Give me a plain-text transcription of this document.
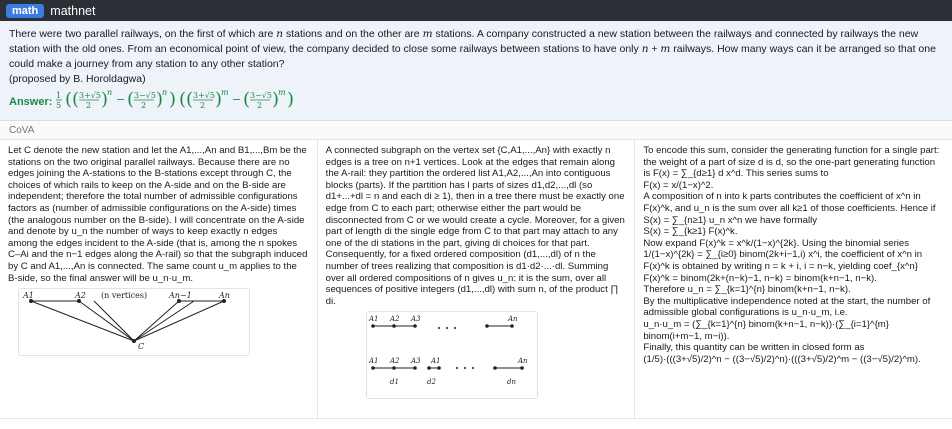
math mathnet

There were two parallel railways, on the first of which are n stations and on the other are m stations. A company constructed a new station between the railways and connected by railways the new station with the old ones. From an economical point of view, the company decided to close some railways between stations to have only n + m railways. How many ways can it be arranged so that one could make a journey from any station to any other station?

(proposed by B. Horoldagwa)
Answer: 1
5 ( ( 3+√5
2 )
n
− ( 3−√5
2 )
n ) ( ( 3+√5
2 )
m
− ( 3−√5
2 )
m )
CoVA

Let C denote the new station and let the A1,...,An and B1,...,Bm be the stations on the two original parallel railways. Because there are no edges joining the A-stations to the B-stations except through C, the choices of which rails to keep on the A-side and on the B-side are independent; therefore the total number of admissible configurations factors as (number of admissible configurations on the A-side) times (the analogous number on the B-side). I will concentrate on the A-side and denote by u_n the number of ways to keep exactly n edges among the edges incident to the A-side (that is, among the n spokes C–Ai and the n−1 edges along the A-rail) so that the subgraph induced by C and A1,...,An is connected. The same count u_m applies to the B-side, so the final answer will be u_n·u_m.

A1	A2 (n vertices)	An−1	An
C

A connected subgraph on the vertex set {C,A1,...,An} with exactly n edges is a tree on n+1 vertices. Look at the edges that remain along the A-rail: they partition the ordered list A1,A2,...,An into contiguous blocks (parts). If the partition has l parts of sizes d1,d2,...,dl (so d1+...+dl = n and each di ≥ 1), then in a tree there must be exactly one edge from C to each part; otherwise either the part would be disconnected from C or we would create a cycle. Moreover, for a given part of length di the single edge from C to that part may attach to any one of the di stations in the part, giving di choices for that part. Consequently, for a fixed ordered composition (d1,...,dl) of n the number of trees realizing that composition is d1·d2·...·dl. Summing over all ordered compositions of n gives u_n: it is the sum, over all sequences of positive integers (d1,...,dl) with sum n, of the product ∏ di.

A1 A2 A3	An
A1 A2 A3 A1	An
d1	d2	dn

To encode this sum, consider the generating function for a single part: the weight of a part of size d is d, so the one-part generating function is F(x) = ∑_{d≥1} d x^d. This series sums to
F(x) = x/(1−x)^2.
A composition of n into k parts contributes the coefficient of x^n in F(x)^k, and u_n is the sum over all k≥1 of those coefficients. Hence if S(x) = ∑_{n≥1} u_n x^n we have formally
S(x) = ∑_{k≥1} F(x)^k.
Now expand F(x)^k = x^k/(1−x)^{2k}. Using the binomial series 1/(1−x)^{2k} = ∑_{i≥0} binom(2k+i−1,i) x^i, the coefficient of x^n in F(x)^k is obtained by writing n = k + i, i = n−k, yielding coef_{x^n} F(x)^k = binom(2k+(n−k)−1, n−k) = binom(k+n−1, n−k).
Therefore u_n = ∑_{k=1}^{n} binom(k+n−1, n−k).
By the multiplicative independence noted at the start, the number of admissible global configurations is u_n·u_m, i.e.
u_n·u_m = (∑_{k=1}^{n} binom(k+n−1, n−k))·(∑_{i=1}^{m} binom(i+m−1, m−i)).
Finally, this quantity can be written in closed form as
(1/5)·(((3+√5)/2)^n − ((3−√5)/2)^n)·(((3+√5)/2)^m − ((3−√5)/2)^m).
